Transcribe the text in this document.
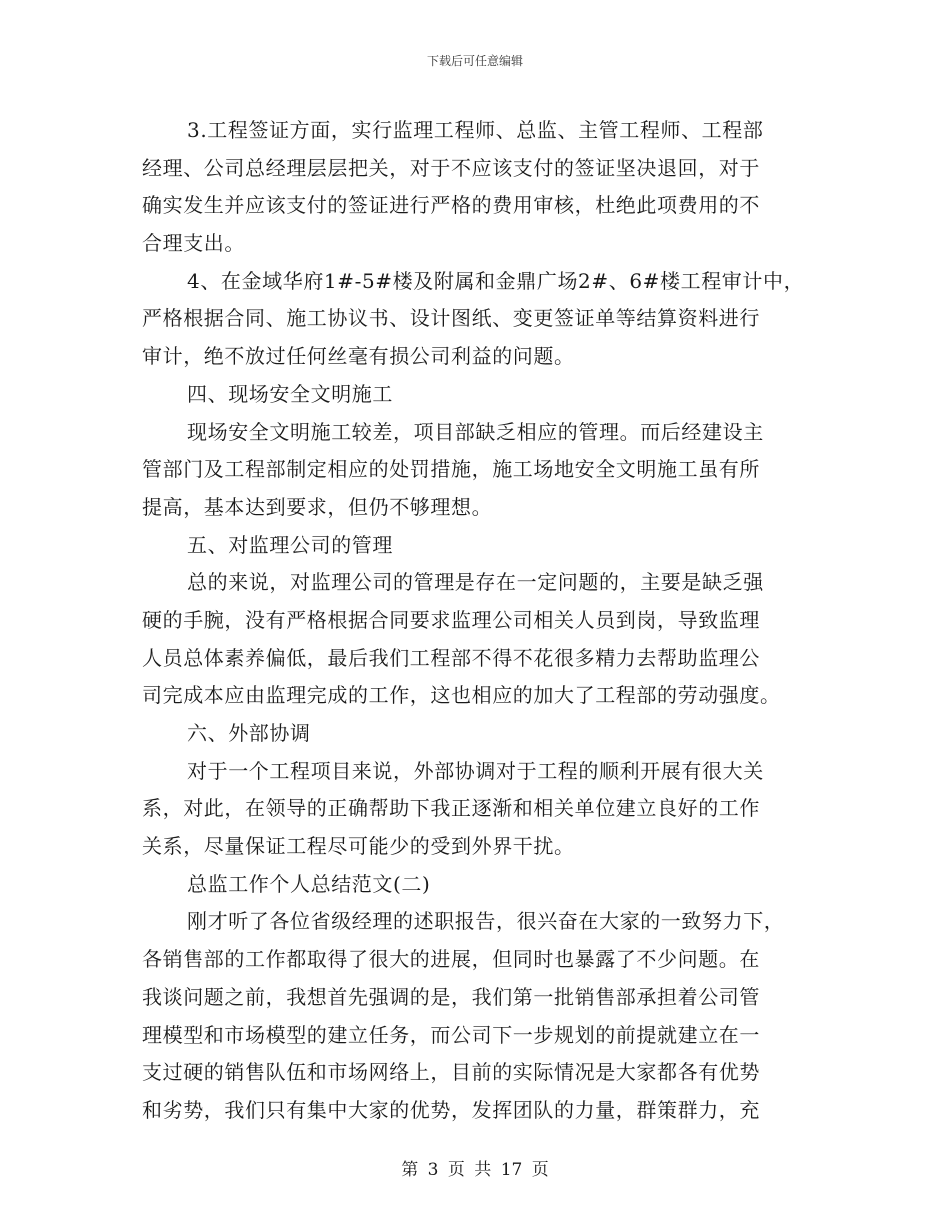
下载后可任意编辑
3.工程签证方面，实行监理工程师、总监、主管工程师、工程部
经理、公司总经理层层把关，对于不应该支付的签证坚决退回，对于
确实发生并应该支付的签证进行严格的费用审核，杜绝此项费用的不
合理支出。
4、在金域华府1#-5#楼及附属和金鼎广场2#、6#楼工程审计中，
严格根据合同、施工协议书、设计图纸、变更签证单等结算资料进行
审计，绝不放过任何丝毫有损公司利益的问题。
四、现场安全文明施工
现场安全文明施工较差，项目部缺乏相应的管理。而后经建设主
管部门及工程部制定相应的处罚措施，施工场地安全文明施工虽有所
提高，基本达到要求，但仍不够理想。
五、对监理公司的管理
总的来说，对监理公司的管理是存在一定问题的，主要是缺乏强
硬的手腕，没有严格根据合同要求监理公司相关人员到岗，导致监理
人员总体素养偏低，最后我们工程部不得不花很多精力去帮助监理公
司完成本应由监理完成的工作，这也相应的加大了工程部的劳动强度。
六、外部协调
对于一个工程项目来说，外部协调对于工程的顺利开展有很大关
系，对此，在领导的正确帮助下我正逐渐和相关单位建立良好的工作
关系，尽量保证工程尽可能少的受到外界干扰。
总监工作个人总结范文(二)
刚才听了各位省级经理的述职报告，很兴奋在大家的一致努力下，
各销售部的工作都取得了很大的进展，但同时也暴露了不少问题。在
我谈问题之前，我想首先强调的是，我们第一批销售部承担着公司管
理模型和市场模型的建立任务，而公司下一步规划的前提就建立在一
支过硬的销售队伍和市场网络上，目前的实际情况是大家都各有优势
和劣势，我们只有集中大家的优势，发挥团队的力量，群策群力，充
第 3 页 共 17 页
